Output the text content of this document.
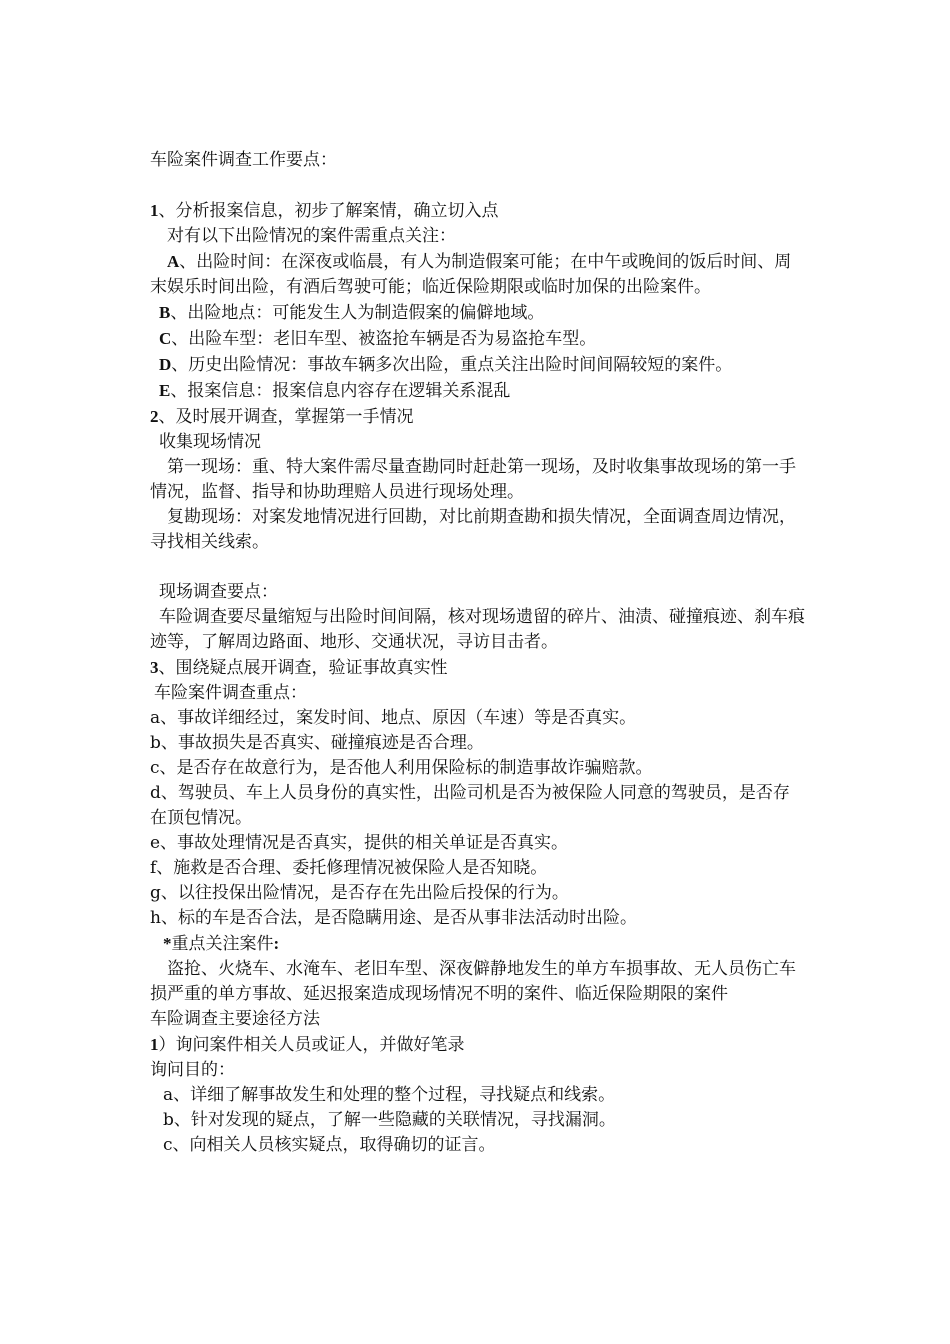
车险案件调查工作要点：

1、分析报案信息，初步了解案情，确立切入点

对有以下出险情况的案件需重点关注：

A、出险时间：在深夜或临晨，有人为制造假案可能；在中午或晚间的饭后时间、周末娱乐时间出险，有酒后驾驶可能；临近保险期限或临时加保的出险案件。

B、出险地点：可能发生人为制造假案的偏僻地域。

C、出险车型：老旧车型、被盗抢车辆是否为易盗抢车型。

D、历史出险情况：事故车辆多次出险，重点关注出险时间间隔较短的案件。

E、报案信息：报案信息内容存在逻辑关系混乱

2、及时展开调查，掌握第一手情况

收集现场情况

第一现场：重、特大案件需尽量查勘同时赶赴第一现场，及时收集事故现场的第一手情况，监督、指导和协助理赔人员进行现场处理。

复勘现场：对案发地情况进行回勘，对比前期查勘和损失情况，全面调查周边情况，寻找相关线索。

现场调查要点：

车险调查要尽量缩短与出险时间间隔，核对现场遗留的碎片、油渍、碰撞痕迹、刹车痕迹等，了解周边路面、地形、交通状况，寻访目击者。

3、围绕疑点展开调查，验证事故真实性

车险案件调查重点：

a、事故详细经过，案发时间、地点、原因（车速）等是否真实。

b、事故损失是否真实、碰撞痕迹是否合理。

c、是否存在故意行为，是否他人利用保险标的制造事故诈骗赔款。

d、驾驶员、车上人员身份的真实性，出险司机是否为被保险人同意的驾驶员，是否存在顶包情况。

e、事故处理情况是否真实，提供的相关单证是否真实。

f、施救是否合理、委托修理情况被保险人是否知晓。

g、以往投保出险情况，是否存在先出险后投保的行为。

h、标的车是否合法，是否隐瞒用途、是否从事非法活动时出险。

*重点关注案件:

盗抢、火烧车、水淹车、老旧车型、深夜僻静地发生的单方车损事故、无人员伤亡车损严重的单方事故、延迟报案造成现场情况不明的案件、临近保险期限的案件

车险调查主要途径方法

1）询问案件相关人员或证人，并做好笔录

询问目的：

a、详细了解事故发生和处理的整个过程，寻找疑点和线索。

b、针对发现的疑点，了解一些隐藏的关联情况，寻找漏洞。

c、向相关人员核实疑点，取得确切的证言。
